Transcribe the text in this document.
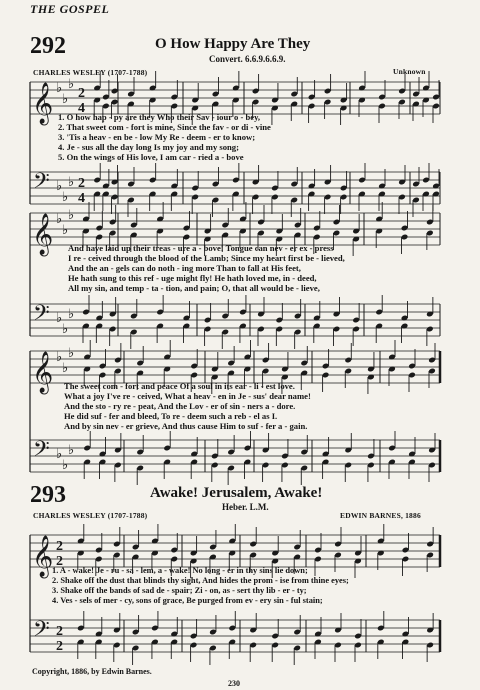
THE GOSPEL
292	O How Happy Are They
Convert. 6.6.9.6.6.9.
CHARLES WESLEY (1707-1788)	Unknown
1. O how hap - py are they Who their Sav - iour o - bey,
2. That sweet com - fort is mine, Since the fav - or di - vine
3. 'Tis a heav - en be - low My Re - deem - er to know;
4. Je - sus all the day long Is my joy and my song;
5. On the wings of His love, I am car - ried a - bove
And have laid up their treas - ure a - bove! Tongue can nev - er ex - press
I re - ceived through the blood of the Lamb; Since my heart first be - lieved,
And the an - gels can do noth - ing more Than to fall at His feet,
He hath sung to this ref - uge might fly! He hath loved me, in - deed,
All my sin, and temp - ta - tion, and pain; O, that all would be - lieve,
The sweet com - fort and peace Of a soul in its ear - li - est love.
What a joy I've re - ceived, What a heav - en in Je - sus' dear name!
And the sto - ry re - peat, And the Lov - er of sin - ners a - dore.
He did suf - fer and bleed, To re - deem such a reb - el as I.
And by sin nev - er grieve, And thus cause Him to suf - fer a - gain.
293	Awake! Jerusalem, Awake!
Heber. L.M.
CHARLES WESLEY (1707-1788)	EDWIN BARNES, 1886
1. A - wake! Je - ru - sa - lem, a - wake! No long - er in thy sins lie down;
2. Shake off the dust that blinds thy sight, And hides the prom - ise from thine eyes;
3. Shake off the bands of sad de - spair; Zi - on, as - sert thy lib - er - ty;
4. Ves - sels of mer - cy, sons of grace, Be purged from ev - ery sin - ful stain;
Copyright, 1886, by Edwin Barnes.
230
𝄞
𝄢
♭
♭
♭
♭
♭
♭
2
4
2
4
𝄞
𝄢
♭
♭
♭
♭
♭
♭
𝄞
𝄢
♭
♭
♭
♭
♭
♭
𝄞
𝄢
2
2
2
2
